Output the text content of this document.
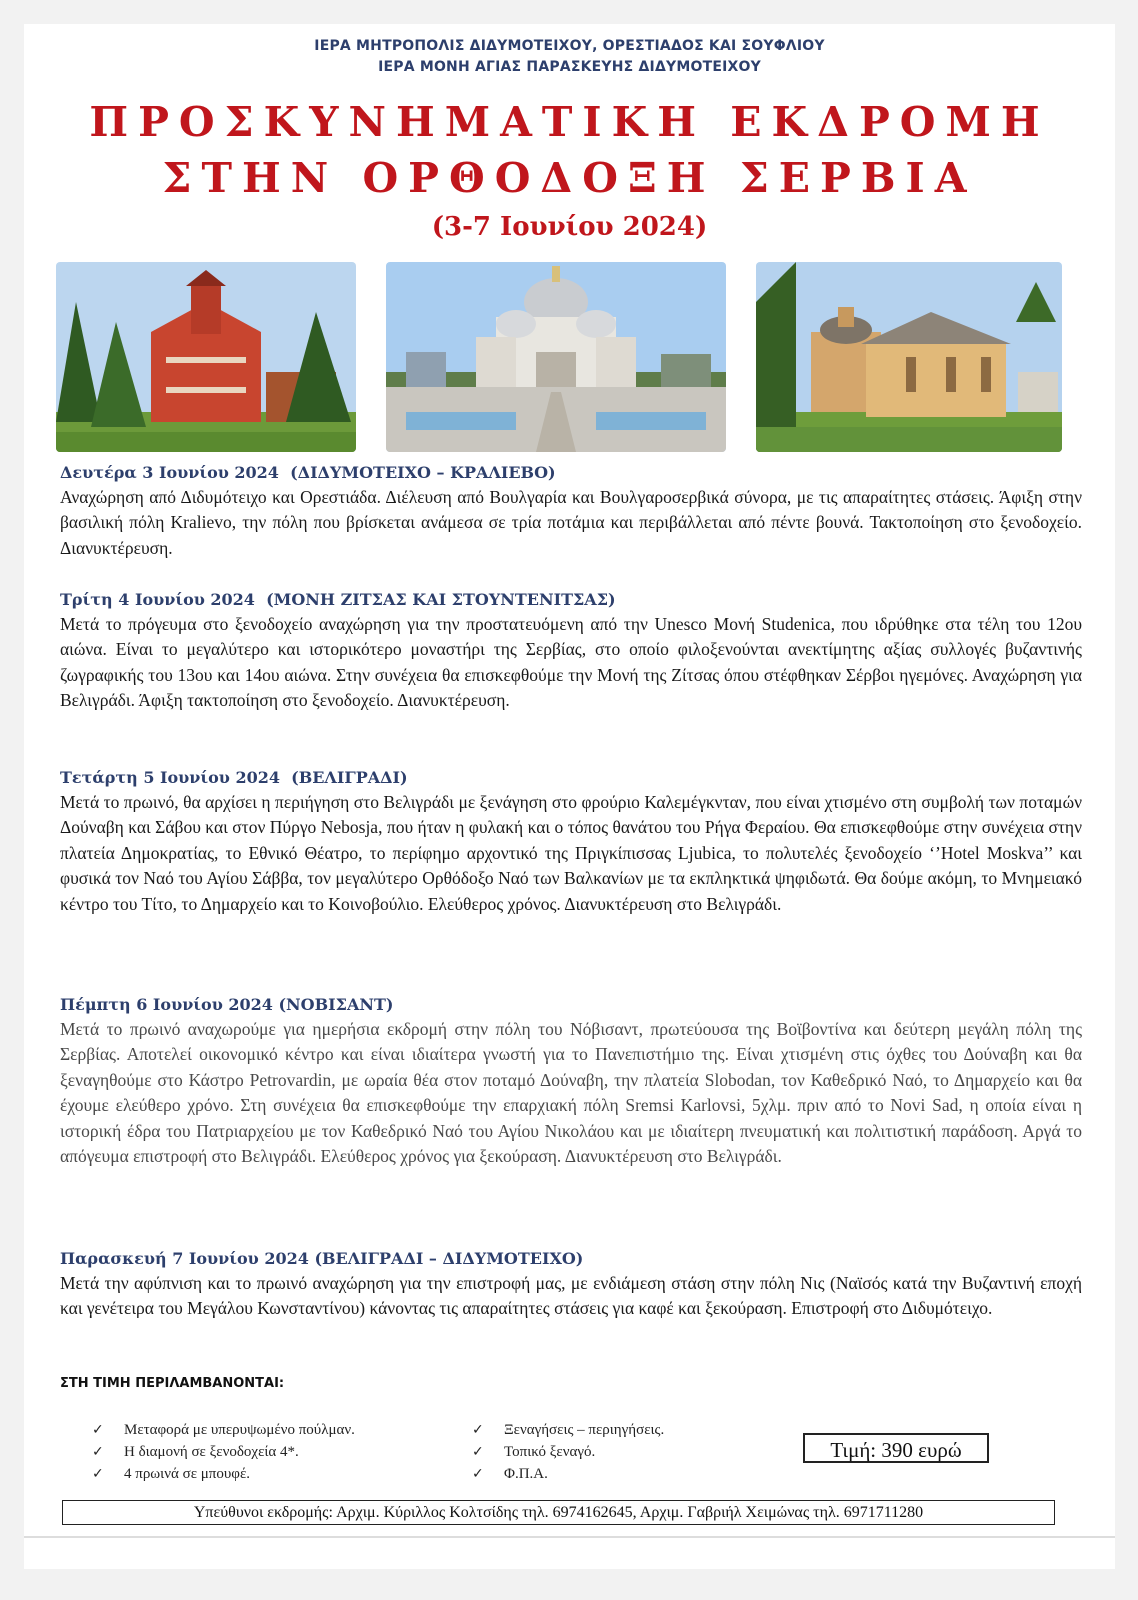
ΙΕΡΑ ΜΗΤΡΟΠΟΛΙΣ ΔΙΔΥΜΟΤΕΙΧΟΥ, ΟΡΕΣΤΙΑΔΟΣ ΚΑΙ ΣΟΥΦΛΙΟΥ
ΙΕΡΑ ΜΟΝΗ ΑΓΙΑΣ ΠΑΡΑΣΚΕΥΗΣ ΔΙΔΥΜΟΤΕΙΧΟΥ
ΠΡΟΣΚΥΝΗΜΑΤΙΚΗ ΕΚΔΡΟΜΗ
ΣΤΗΝ ΟΡΘΟΔΟΞΗ ΣΕΡΒΙΑ
(3-7 Ιουνίου 2024)
Δευτέρα 3 Ιουνίου 2024 (ΔΙΔΥΜΟΤΕΙΧΟ – ΚΡΑΛΙΕΒΟ)
Αναχώρηση από Διδυμότειχο και Ορεστιάδα. Διέλευση από Βουλγαρία και Βουλγαροσερβικά σύνορα, με τις απαραίτητες στάσεις. Άφιξη στην βασιλική πόλη Kralievo, την πόλη που βρίσκεται ανάμεσα σε τρία ποτάμια και περιβάλλεται από πέντε βουνά. Τακτοποίηση στο ξενοδοχείο. Διανυκτέρευση.
Τρίτη 4 Ιουνίου 2024 (ΜΟΝΗ ΖΙΤΣΑΣ ΚΑΙ ΣΤΟΥΝΤΕΝΙΤΣΑΣ)
Μετά το πρόγευμα στο ξενοδοχείο αναχώρηση για την προστατευόμενη από την Unesco Μονή Studenica, που ιδρύθηκε στα τέλη του 12ου αιώνα. Είναι το μεγαλύτερο και ιστορικότερο μοναστήρι της Σερβίας, στο οποίο φιλοξενούνται ανεκτίμητης αξίας συλλογές βυζαντινής ζωγραφικής του 13ου και 14ου αιώνα. Στην συνέχεια θα επισκεφθούμε την Μονή της Ζίτσας όπου στέφθηκαν Σέρβοι ηγεμόνες. Αναχώρηση για Βελιγράδι. Άφιξη τακτοποίηση στο ξενοδοχείο. Διανυκτέρευση.
Τετάρτη 5 Ιουνίου 2024 (ΒΕΛΙΓΡΑΔΙ)
Μετά το πρωινό, θα αρχίσει η περιήγηση στο Βελιγράδι με ξενάγηση στο φρούριο Καλεμέγκνταν, που είναι χτισμένο στη συμβολή των ποταμών Δούναβη και Σάβου και στον Πύργο Nebosja, που ήταν η φυλακή και ο τόπος θανάτου του Ρήγα Φεραίου. Θα επισκεφθούμε στην συνέχεια στην πλατεία Δημοκρατίας, το Εθνικό Θέατρο, το περίφημο αρχοντικό της Πριγκίπισσας Ljubica, το πολυτελές ξενοδοχείο ‘’Hotel Moskva’’ και φυσικά τον Ναό του Αγίου Σάββα, τον μεγαλύτερο Ορθόδοξο Ναό των Βαλκανίων με τα εκπληκτικά ψηφιδωτά. Θα δούμε ακόμη, το Μνημειακό κέντρο του Τίτο, το Δημαρχείο και το Κοινοβούλιο. Ελεύθερος χρόνος. Διανυκτέρευση στο Βελιγράδι.
Πέμπτη 6 Ιουνίου 2024 (ΝΟΒΙΣΑΝΤ)
Μετά το πρωινό αναχωρούμε για ημερήσια εκδρομή στην πόλη του Νόβισαντ, πρωτεύουσα της Βοϊβοντίνα και δεύτερη μεγάλη πόλη της Σερβίας. Αποτελεί οικονομικό κέντρο και είναι ιδιαίτερα γνωστή για το Πανεπιστήμιο της. Είναι χτισμένη στις όχθες του Δούναβη και θα ξεναγηθούμε στο Κάστρο Petrovardin, με ωραία θέα στον ποταμό Δούναβη, την πλατεία Slobodan, τον Καθεδρικό Ναό, το Δημαρχείο και θα έχουμε ελεύθερο χρόνο. Στη συνέχεια θα επισκεφθούμε την επαρχιακή πόλη Sremsi Karlovsi, 5χλμ. πριν από το Novi Sad, η οποία είναι η ιστορική έδρα του Πατριαρχείου με τον Καθεδρικό Ναό του Αγίου Νικολάου και με ιδιαίτερη πνευματική και πολιτιστική παράδοση. Αργά το απόγευμα επιστροφή στο Βελιγράδι. Ελεύθερος χρόνος για ξεκούραση. Διανυκτέρευση στο Βελιγράδι.
Παρασκευή 7 Ιουνίου 2024 (ΒΕΛΙΓΡΑΔΙ – ΔΙΔΥΜΟΤΕΙΧΟ)
Μετά την αφύπνιση και το πρωινό αναχώρηση για την επιστροφή μας, με ενδιάμεση στάση στην πόλη Νις (Ναϊσός κατά την Βυζαντινή εποχή και γενέτειρα του Μεγάλου Κωνσταντίνου) κάνοντας τις απαραίτητες στάσεις για καφέ και ξεκούραση. Επιστροφή στο Διδυμότειχο.
ΣΤΗ ΤΙΜΗ ΠΕΡΙΛΑΜΒΑΝΟΝΤΑΙ:
✓ Μεταφορά με υπερυψωμένο πούλμαν.
✓ Η διαμονή σε ξενοδοχεία 4*.
✓ 4 πρωινά σε μπουφέ.
✓ Ξεναγήσεις – περιηγήσεις.
✓ Τοπικό ξεναγό.
✓ Φ.Π.Α.
Τιμή: 390 ευρώ
Υπεύθυνοι εκδρομής: Αρχιμ. Κύριλλος Κολτσίδης τηλ. 6974162645, Αρχιμ. Γαβριήλ Χειμώνας τηλ. 6971711280
